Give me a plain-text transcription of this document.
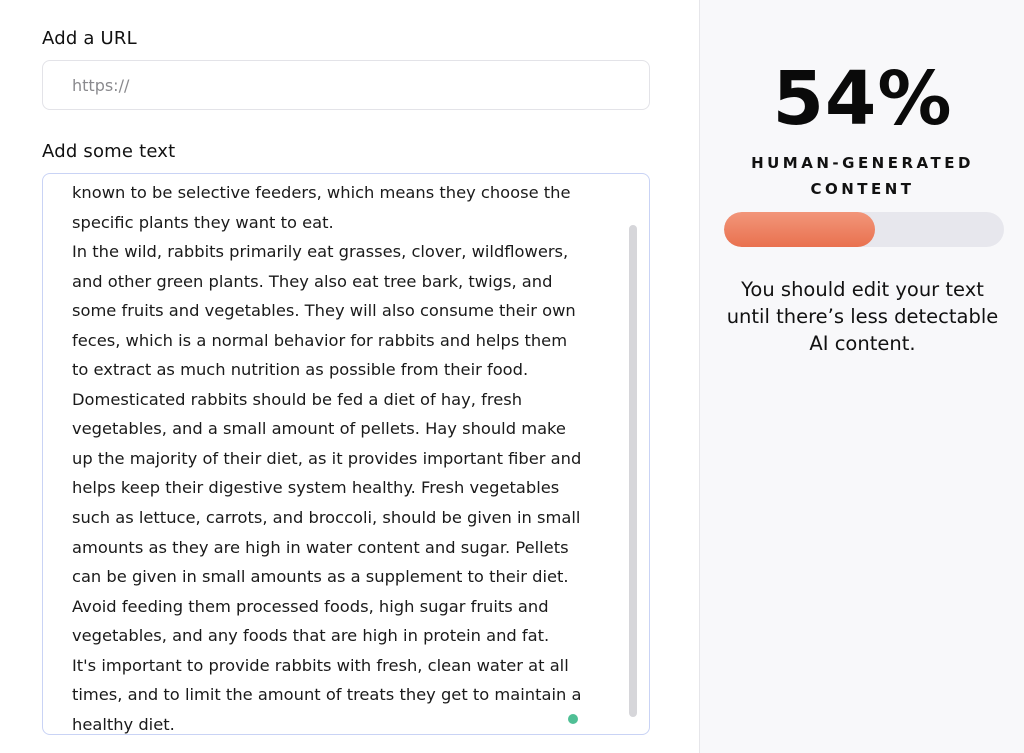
Add a URL
https://
Add some text
known to be selective feeders, which means they choose the
specific plants they want to eat.
In the wild, rabbits primarily eat grasses, clover, wildflowers,
and other green plants. They also eat tree bark, twigs, and
some fruits and vegetables. They will also consume their own
feces, which is a normal behavior for rabbits and helps them
to extract as much nutrition as possible from their food.
Domesticated rabbits should be fed a diet of hay, fresh
vegetables, and a small amount of pellets. Hay should make
up the majority of their diet, as it provides important fiber and
helps keep their digestive system healthy. Fresh vegetables
such as lettuce, carrots, and broccoli, should be given in small
amounts as they are high in water content and sugar. Pellets
can be given in small amounts as a supplement to their diet.
Avoid feeding them processed foods, high sugar fruits and
vegetables, and any foods that are high in protein and fat.
It's important to provide rabbits with fresh, clean water at all
times, and to limit the amount of treats they get to maintain a
healthy diet.
54%
HUMAN-GENERATED
CONTENT
You should edit your text
until there’s less detectable
AI content.
